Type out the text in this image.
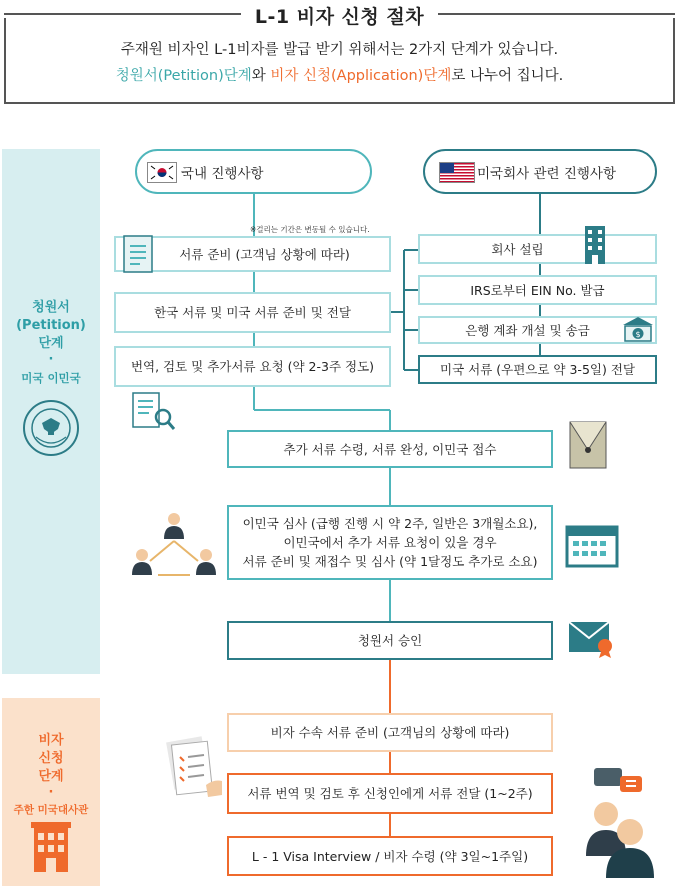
L-1 비자 신청 절차
주재원 비자인 L-1비자를 발급 받기 위해서는 2가지 단계가 있습니다.
청원서(Petition)단계와 비자 신청(Application)단계로 나누어 집니다.
청원서
(Petition)
단계
·
미국 이민국
비자
신청
단계
·
주한 미국대사관
국내 진행사항	미국회사 관련 진행사항
※걸리는 기간은 변동될 수 있습니다.
서류 준비 (고객님 상황에 따라)
한국 서류 및 미국 서류 준비 및 전달
번역, 검토 및 추가서류 요청 (약 2-3주 정도)
회사 설립
IRS로부터 EIN No. 발급
은행 계좌 개설 및 송금	$
미국 서류 (우편으로 약 3-5일) 전달
추가 서류 수령, 서류 완성, 이민국 접수
이민국 심사 (급행 진행 시 약 2주, 일반은 3개월소요),
이민국에서 추가 서류 요청이 있을 경우
서류 준비 및 재접수 및 심사 (약 1달정도 추가로 소요)
청원서 승인
비자 수속 서류 준비 (고객님의 상황에 따라)
서류 번역 및 검토 후 신청인에게 서류 전달 (1~2주)
L - 1 Visa Interview / 비자 수령 (약 3일~1주일)
